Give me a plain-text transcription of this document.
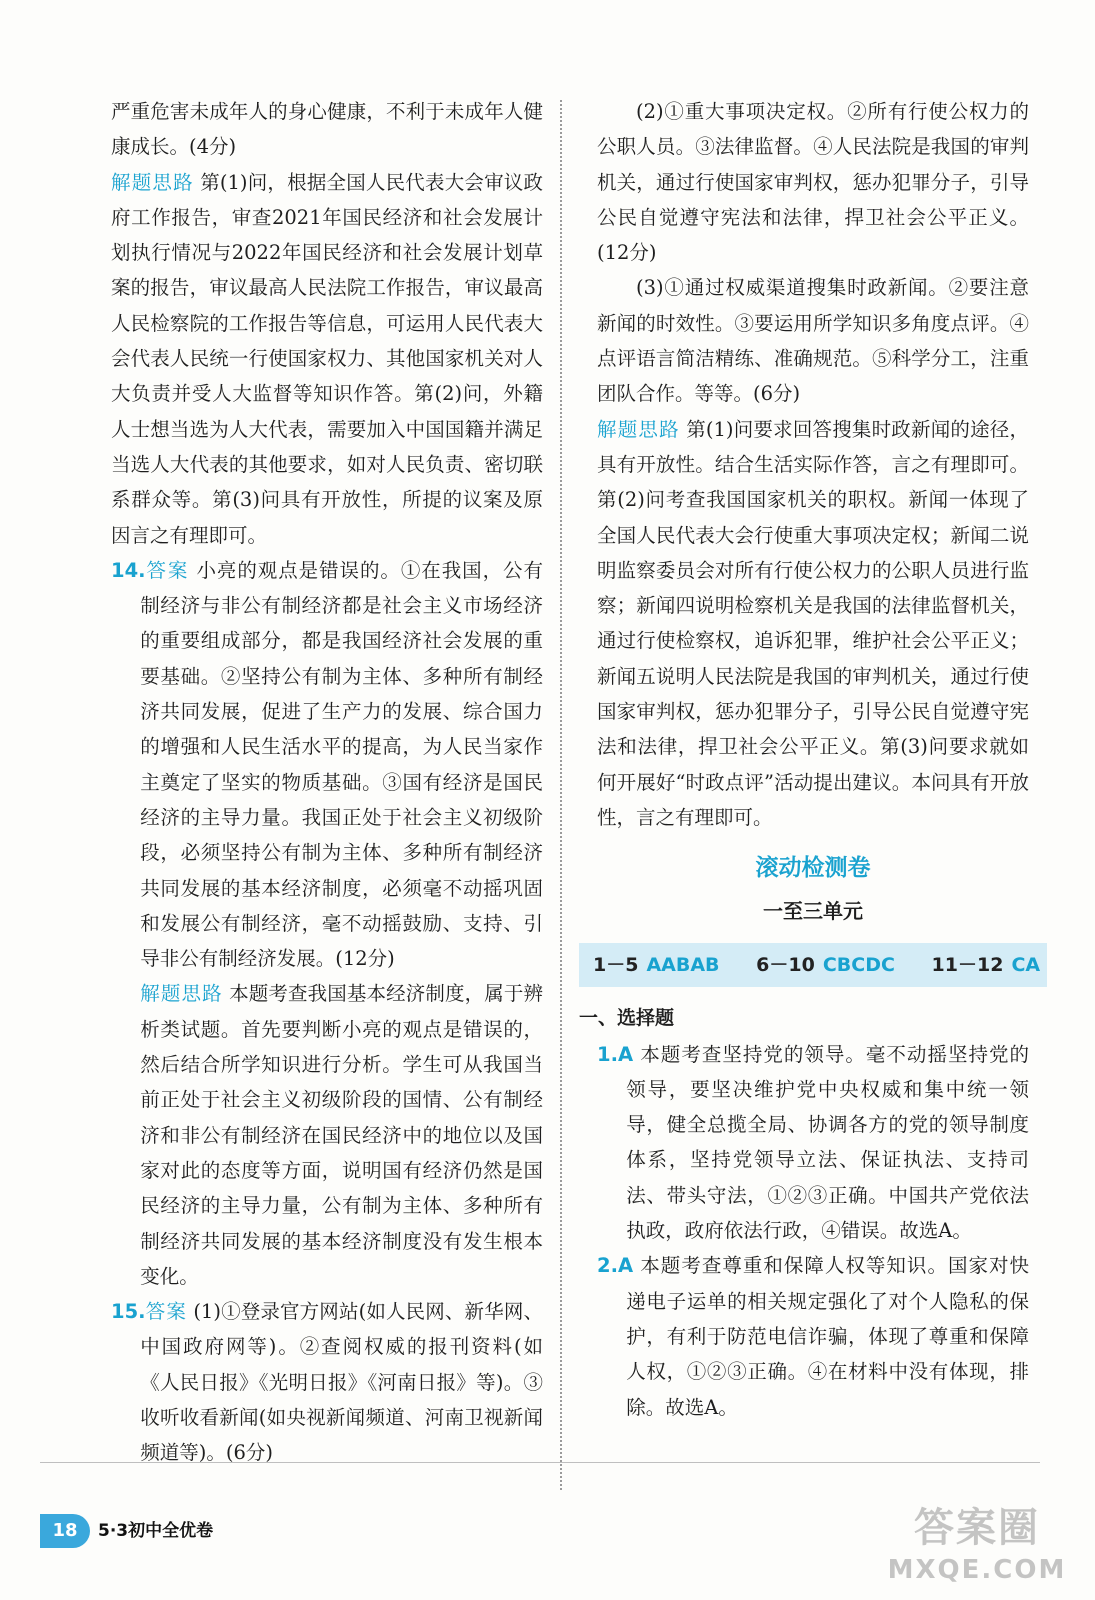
严重危害未成年人的身心健康，不利于未成年人健康成长。(4分)

解题思路 第(1)问，根据全国人民代表大会审议政府工作报告，审查2021年国民经济和社会发展计划执行情况与2022年国民经济和社会发展计划草案的报告，审议最高人民法院工作报告，审议最高人民检察院的工作报告等信息，可运用人民代表大会代表人民统一行使国家权力、其他国家机关对人大负责并受人大监督等知识作答。第(2)问，外籍人士想当选为人大代表，需要加入中国国籍并满足当选人大代表的其他要求，如对人民负责、密切联系群众等。第(3)问具有开放性，所提的议案及原因言之有理即可。

14.答案 小亮的观点是错误的。①在我国，公有制经济与非公有制经济都是社会主义市场经济的重要组成部分，都是我国经济社会发展的重要基础。②坚持公有制为主体、多种所有制经济共同发展，促进了生产力的发展、综合国力的增强和人民生活水平的提高，为人民当家作主奠定了坚实的物质基础。③国有经济是国民经济的主导力量。我国正处于社会主义初级阶段，必须坚持公有制为主体、多种所有制经济共同发展的基本经济制度，必须毫不动摇巩固和发展公有制经济，毫不动摇鼓励、支持、引导非公有制经济发展。(12分)

解题思路 本题考查我国基本经济制度，属于辨析类试题。首先要判断小亮的观点是错误的，然后结合所学知识进行分析。学生可从我国当前正处于社会主义初级阶段的国情、公有制经济和非公有制经济在国民经济中的地位以及国家对此的态度等方面，说明国有经济仍然是国民经济的主导力量，公有制为主体、多种所有制经济共同发展的基本经济制度没有发生根本变化。

15.答案 (1)①登录官方网站(如人民网、新华网、中国政府网等)。②查阅权威的报刊资料(如《人民日报》《光明日报》《河南日报》等)。③收听收看新闻(如央视新闻频道、河南卫视新闻频道等)。(6分)

(2)①重大事项决定权。②所有行使公权力的公职人员。③法律监督。④人民法院是我国的审判机关，通过行使国家审判权，惩办犯罪分子，引导公民自觉遵守宪法和法律，捍卫社会公平正义。(12分)

(3)①通过权威渠道搜集时政新闻。②要注意新闻的时效性。③要运用所学知识多角度点评。④点评语言简洁精练、准确规范。⑤科学分工，注重团队合作。等等。(6分)

解题思路 第(1)问要求回答搜集时政新闻的途径，具有开放性。结合生活实际作答，言之有理即可。第(2)问考查我国国家机关的职权。新闻一体现了全国人民代表大会行使重大事项决定权；新闻二说明监察委员会对所有行使公权力的公职人员进行监察；新闻四说明检察机关是我国的法律监督机关，通过行使检察权，追诉犯罪，维护社会公平正义；新闻五说明人民法院是我国的审判机关，通过行使国家审判权，惩办犯罪分子，引导公民自觉遵守宪法和法律，捍卫社会公平正义。第(3)问要求就如何开展好“时政点评”活动提出建议。本问具有开放性，言之有理即可。

滚动检测卷
一至三单元
1－5 AABAB 6－10 CBCDC 11－12 CA

一、选择题

1.A 本题考查坚持党的领导。毫不动摇坚持党的领导，要坚决维护党中央权威和集中统一领导，健全总揽全局、协调各方的党的领导制度体系，坚持党领导立法、保证执法、支持司法、带头守法，①②③正确。中国共产党依法执政，政府依法行政，④错误。故选A。

2.A 本题考查尊重和保障人权等知识。国家对快递电子运单的相关规定强化了对个人隐私的保护，有利于防范电信诈骗，体现了尊重和保障人权，①②③正确。④在材料中没有体现，排除。故选A。

18	5·3初中全优卷	答案圈
MXQE.COM
